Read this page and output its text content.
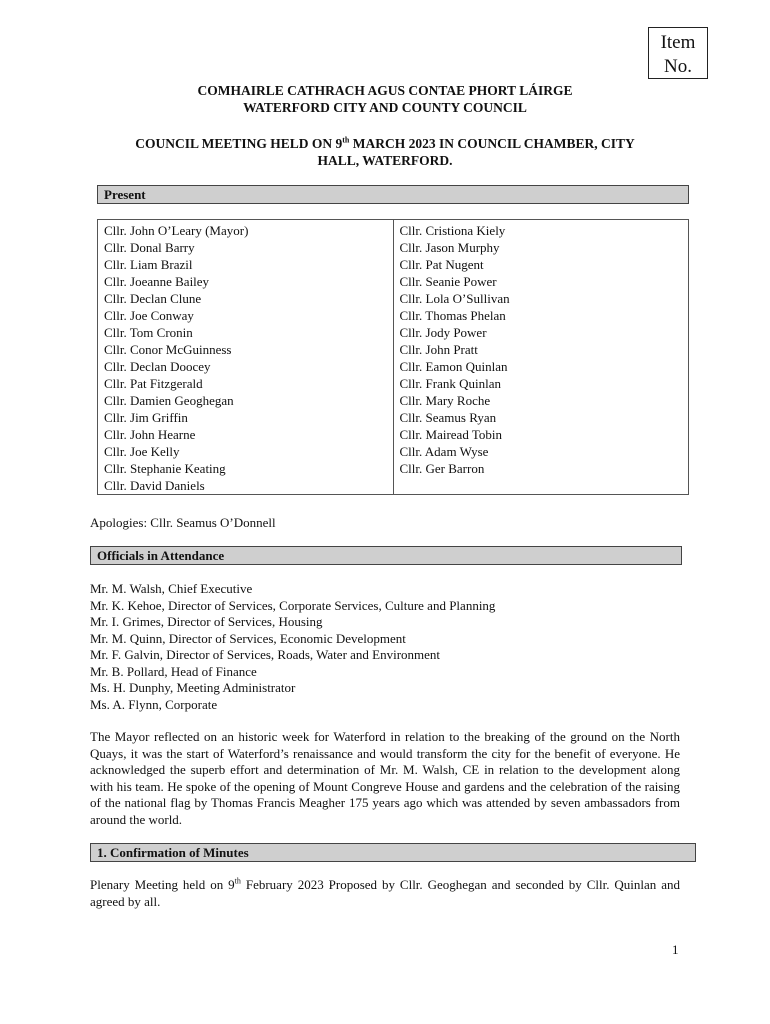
Item
No.
COMHAIRLE CATHRACH AGUS CONTAE PHORT LÁIRGE
WATERFORD CITY AND COUNTY COUNCIL
COUNCIL MEETING HELD ON 9th MARCH 2023 IN COUNCIL CHAMBER, CITY
HALL, WATERFORD.
Present
Cllr. John O’Leary (Mayor)	Cllr. Cristiona Kiely
Cllr. Donal Barry	Cllr. Jason Murphy
Cllr. Liam Brazil	Cllr. Pat Nugent
Cllr. Joeanne Bailey	Cllr. Seanie Power
Cllr. Declan Clune	Cllr. Lola O’Sullivan
Cllr. Joe Conway	Cllr. Thomas Phelan
Cllr. Tom Cronin	Cllr. Jody Power
Cllr. Conor McGuinness	Cllr. John Pratt
Cllr. Declan Doocey	Cllr. Eamon Quinlan
Cllr. Pat Fitzgerald	Cllr. Frank Quinlan
Cllr. Damien Geoghegan	Cllr. Mary Roche
Cllr. Jim Griffin	Cllr. Seamus Ryan
Cllr. John Hearne	Cllr. Mairead Tobin
Cllr. Joe Kelly	Cllr. Adam Wyse
Cllr. Stephanie Keating	Cllr. Ger Barron
Cllr. David Daniels	
Apologies: Cllr. Seamus O’Donnell
Officials in Attendance
Mr. M. Walsh, Chief Executive
Mr. K. Kehoe, Director of Services, Corporate Services, Culture and Planning
Mr. I. Grimes, Director of Services, Housing
Mr. M. Quinn, Director of Services, Economic Development
Mr. F. Galvin, Director of Services, Roads, Water and Environment
Mr. B. Pollard, Head of Finance
Ms. H. Dunphy, Meeting Administrator
Ms. A. Flynn, Corporate
The Mayor reflected on an historic week for Waterford in relation to the breaking of the ground on the North Quays, it was the start of Waterford’s renaissance and would transform the city for the benefit of everyone. He acknowledged the superb effort and determination of Mr. M. Walsh, CE in relation to the development along with his team. He spoke of the opening of Mount Congreve House and gardens and the celebration of the raising of the national flag by Thomas Francis Meagher 175 years ago which was attended by seven ambassadors from around the world.
1. Confirmation of Minutes
Plenary Meeting held on 9th February 2023 Proposed by Cllr. Geoghegan and seconded by Cllr. Quinlan and agreed by all.
1
